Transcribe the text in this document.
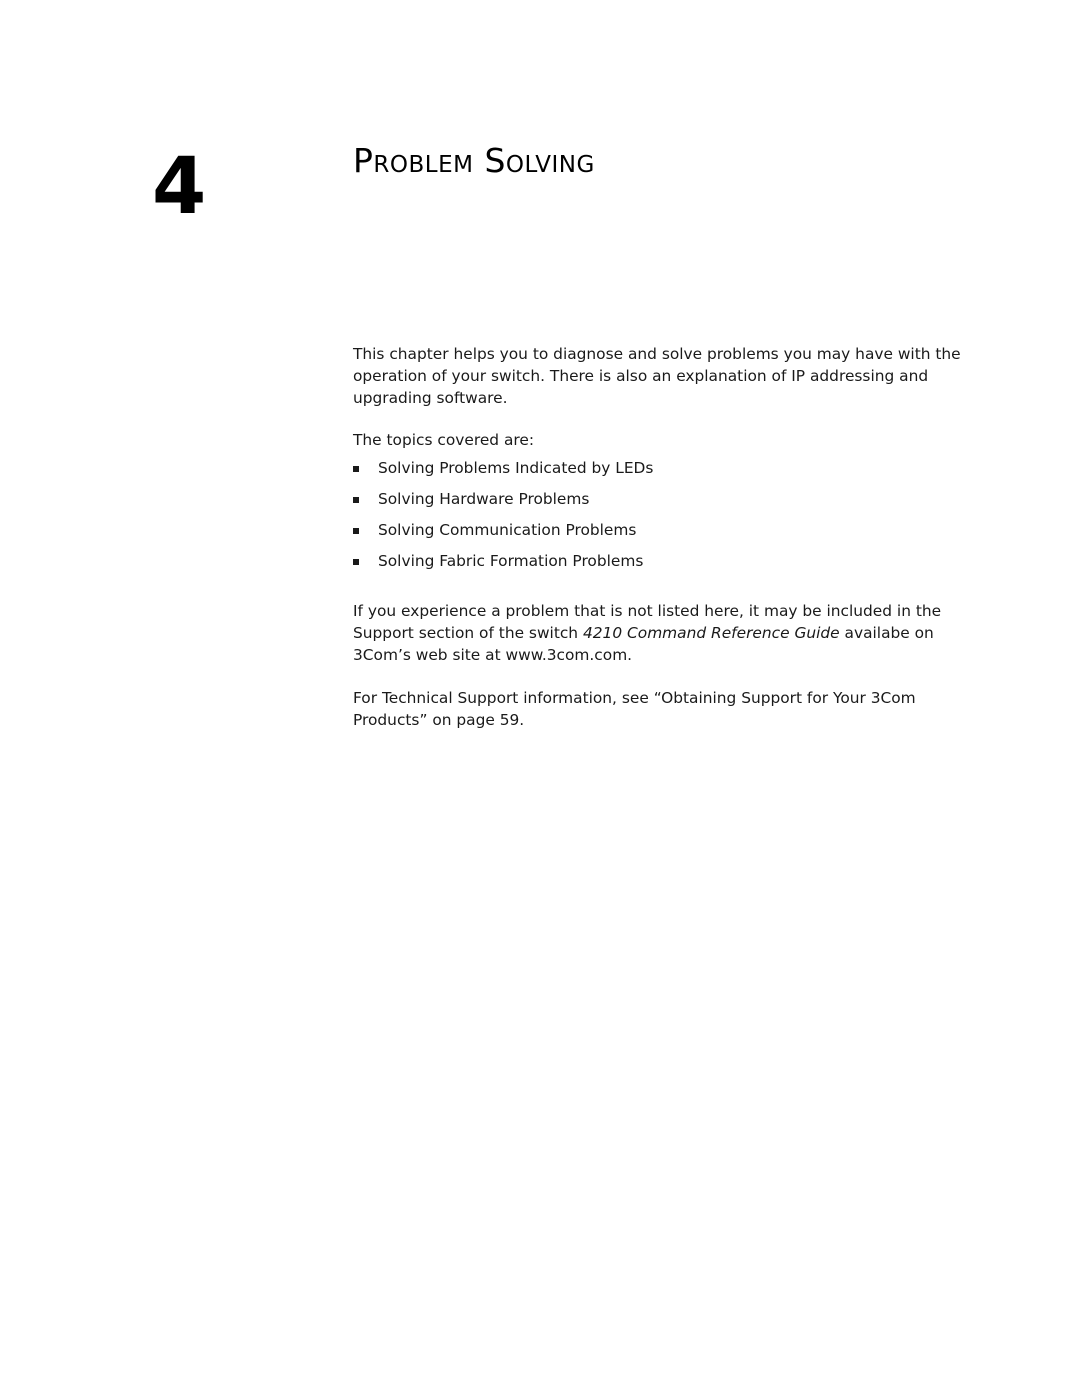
4	Problem Solving

This chapter helps you to diagnose and solve problems you may have with the operation of your switch. There is also an explanation of IP addressing and upgrading software.

The topics covered are:

Solving Problems Indicated by LEDs
Solving Hardware Problems
Solving Communication Problems
Solving Fabric Formation Problems

If you experience a problem that is not listed here, it may be included in the Support section of the switch 4210 Command Reference Guide availabe on 3Com’s web site at www.3com.com.

For Technical Support information, see “Obtaining Support for Your 3Com Products” on page 59.
